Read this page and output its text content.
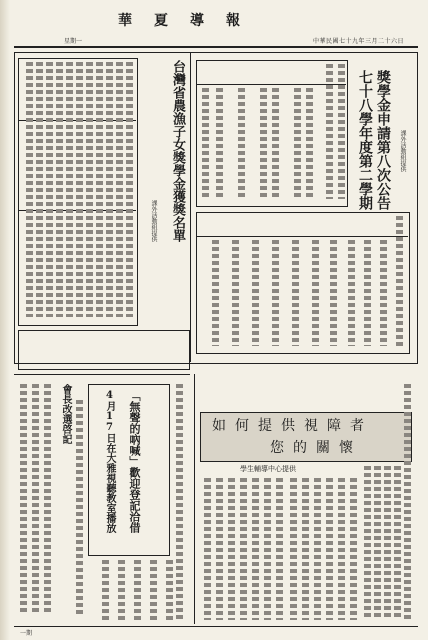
華夏導報
中華民國七十九年三月二十六日
星期一
七十八學年度第二學期 獎學金申請第八次公告 課外活動組提供
台灣省農漁子女獎學金獲獎名單
課外活動組提供
會長改選啓記	「無聲的吶喊」歡迎登記洽借
4月17日在大雅視聽教室播放	如何提供視障者
您的關懷
學生輔導中心提供
一期
